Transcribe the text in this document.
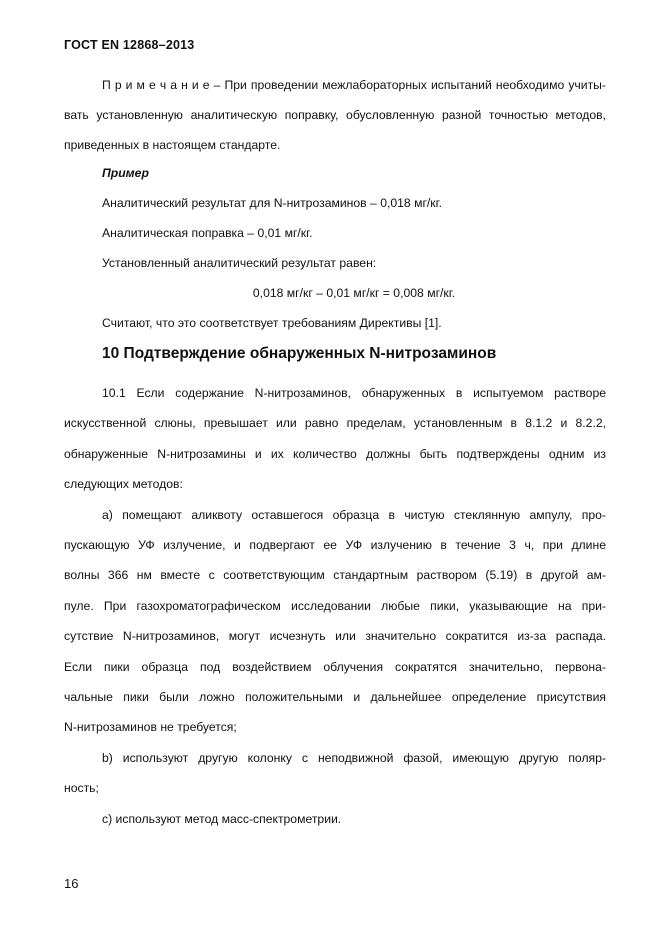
ГОСТ EN 12868–2013
П р и м е ч а н и е – При проведении межлабораторных испытаний необходимо учиты-
вать установленную аналитическую поправку, обусловленную разной точностью методов,
приведенных в настоящем стандарте.
Пример
Аналитический результат для N-нитрозаминов – 0,018 мг/кг.
Аналитическая поправка – 0,01 мг/кг.
Установленный аналитический результат равен:
0,018 мг/кг – 0,01 мг/кг = 0,008 мг/кг.
Считают, что это соответствует требованиям Директивы [1].
10 Подтверждение обнаруженных N-нитрозаминов
10.1 Если содержание N-нитрозаминов, обнаруженных в испытуемом растворе
искусственной слюны, превышает или равно пределам, установленным в 8.1.2 и 8.2.2,
обнаруженные N-нитрозамины и их количество должны быть подтверждены одним из
следующих методов:
a) помещают аликвоту оставшегося образца в чистую стеклянную ампулу, про-
пускающую УФ излучение, и подвергают ее УФ излучению в течение 3 ч, при длине
волны 366 нм вместе с соответствующим стандартным раствором (5.19) в другой ам-
пуле. При газохроматографическом исследовании любые пики, указывающие на при-
сутствие N-нитрозаминов, могут исчезнуть или значительно сократится из-за распада.
Если пики образца под воздействием облучения сократятся значительно, первона-
чальные пики были ложно положительными и дальнейшее определение присутствия
N-нитрозаминов не требуется;
b) используют другую колонку с неподвижной фазой, имеющую другую поляр-
ность;
c) используют метод масс-спектрометрии.
16
